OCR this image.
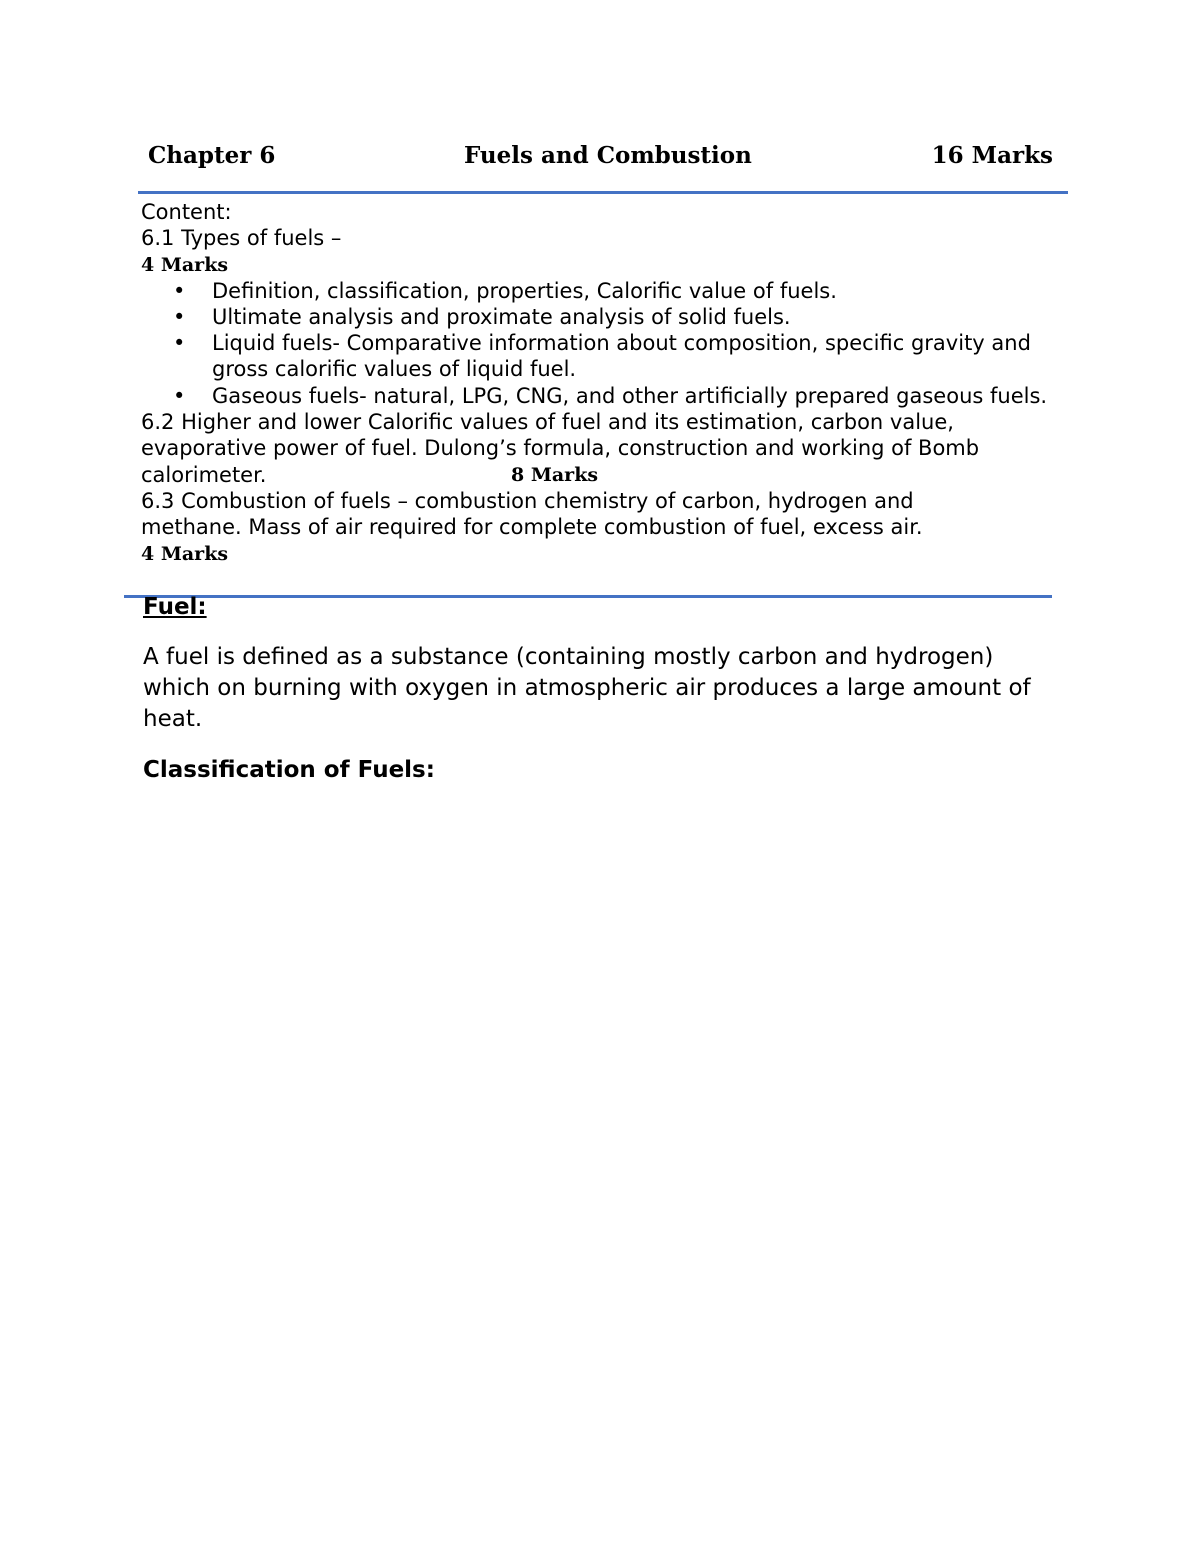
Chapter 6	Fuels and Combustion	16 Marks
Content:
6.1 Types of fuels –
4 Marks
• Definition, classification, properties, Calorific value of fuels.
• Ultimate analysis and proximate analysis of solid fuels.
• Liquid fuels- Comparative information about composition, specific gravity and gross calorific values of liquid fuel.
• Gaseous fuels- natural, LPG, CNG, and other artificially prepared gaseous fuels.
6.2 Higher and lower Calorific values of fuel and its estimation, carbon value,
evaporative power of fuel. Dulong’s formula, construction and working of Bomb
calorimeter.	8 Marks
6.3 Combustion of fuels – combustion chemistry of carbon, hydrogen and
methane. Mass of air required for complete combustion of fuel, excess air.
4 Marks

Fuel:

A fuel is defined as a substance (containing mostly carbon and hydrogen) which on burning with oxygen in atmospheric air produces a large amount of heat.

Classification of Fuels:
